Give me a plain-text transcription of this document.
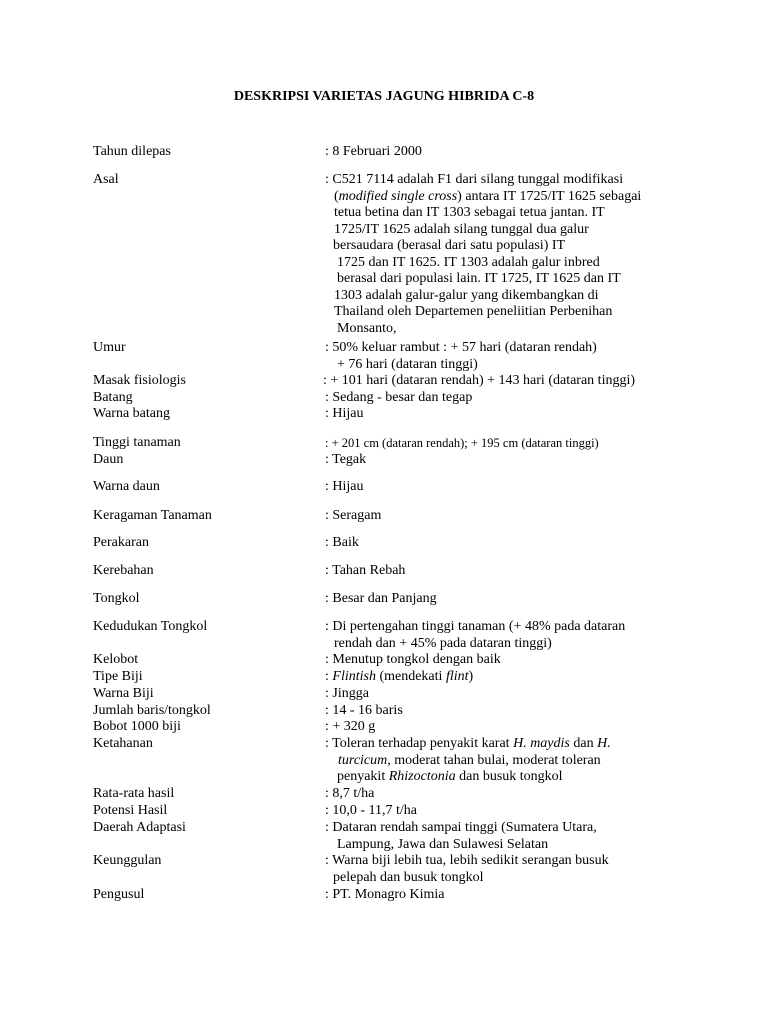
DESKRIPSI VARIETAS JAGUNG HIBRIDA C-8
Tahun dilepas	: 8 Februari 2000
Asal	: C521 7114 adalah F1 dari silang tunggal modifikasi
(modified single cross) antara IT 1725/IT 1625 sebagai
tetua betina dan IT 1303 sebagai tetua jantan. IT
1725/IT 1625 adalah silang tunggal dua galur
bersaudara (berasal dari satu populasi) IT
1725 dan IT 1625. IT 1303 adalah galur inbred
berasal dari populasi lain. IT 1725, IT 1625 dan IT
1303 adalah galur-galur yang dikembangkan di
Thailand oleh Departemen peneliitian Perbenihan
Monsanto,
Umur	: 50% keluar rambut : + 57 hari (dataran rendah)
+ 76 hari (dataran tinggi)
Masak fisiologis	: + 101 hari (dataran rendah) + 143 hari (dataran tinggi)
Batang	: Sedang - besar dan tegap
Warna batang	: Hijau
Tinggi tanaman	: + 201 cm (dataran rendah); + 195 cm (dataran tinggi)
Daun	: Tegak
Warna daun	: Hijau
Keragaman Tanaman	: Seragam
Perakaran	: Baik
Kerebahan	: Tahan Rebah
Tongkol	: Besar dan Panjang
Kedudukan Tongkol	: Di pertengahan tinggi tanaman (+ 48% pada dataran
rendah dan + 45% pada dataran tinggi)
Kelobot	: Menutup tongkol dengan baik
Tipe Biji	: Flintish (mendekati flint)
Warna Biji	: Jingga
Jumlah baris/tongkol	: 14 - 16 baris
Bobot 1000 biji	: + 320 g
Ketahanan	: Toleran terhadap penyakit karat H. maydis dan H.
turcicum, moderat tahan bulai, moderat toleran
penyakit Rhizoctonia dan busuk tongkol
Rata-rata hasil	: 8,7 t/ha
Potensi Hasil	: 10,0 - 11,7 t/ha
Daerah Adaptasi	: Dataran rendah sampai tinggi (Sumatera Utara,
Lampung, Jawa dan Sulawesi Selatan
Keunggulan	: Warna biji lebih tua, lebih sedikit serangan busuk
pelepah dan busuk tongkol
Pengusul	: PT. Monagro Kimia
